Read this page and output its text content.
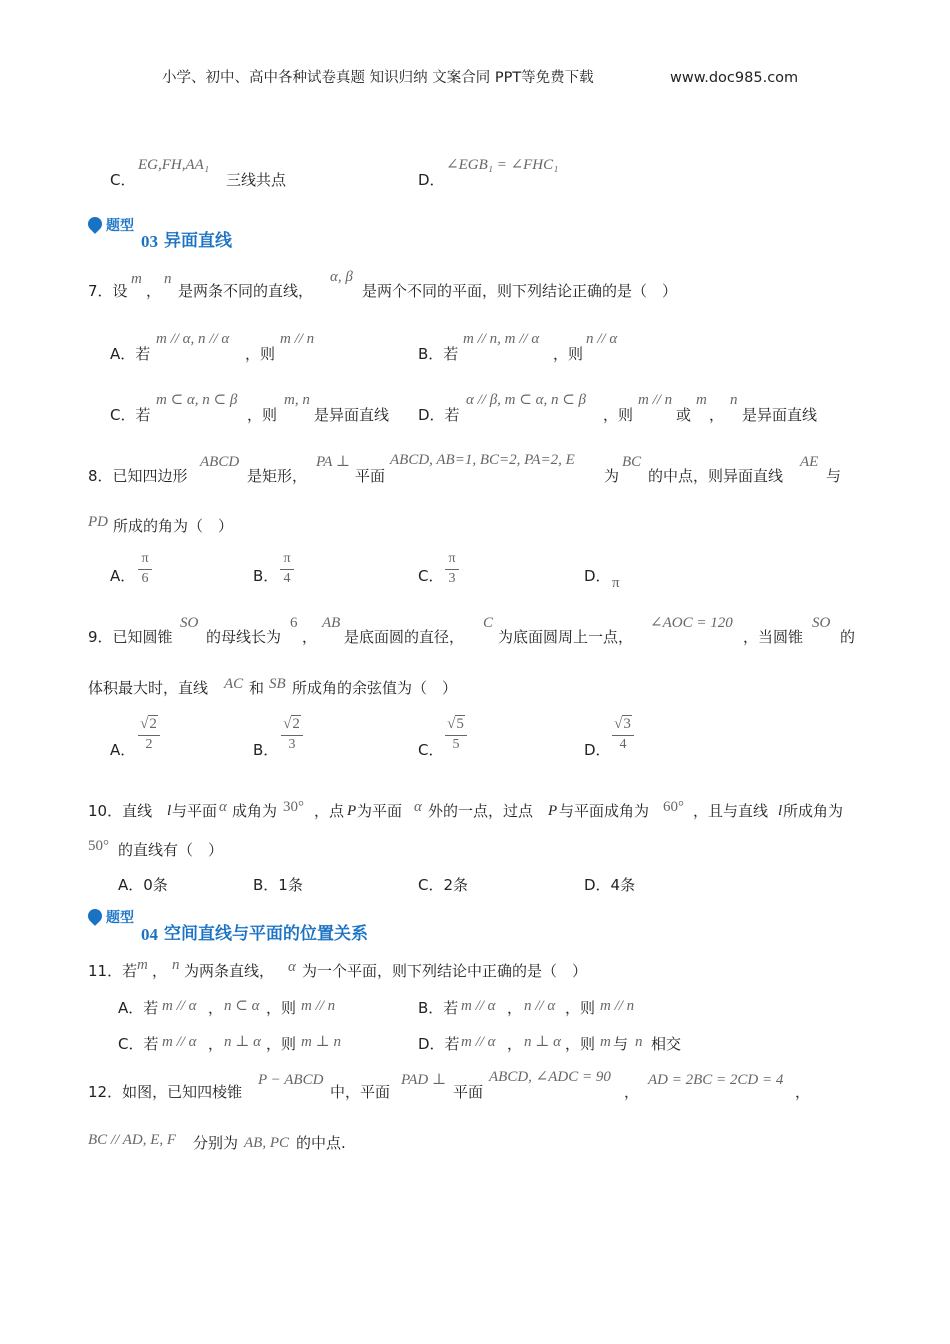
小学、初中、高中各种试卷真题 知识归纳 文案合同 PPT等免费下载	www.doc985.com
C．
EG,FH,AA₁
三线共点	D．
∠EGB₁ = ∠FHC₁
题型
03 异面直线
7．设
m
，
n
是两条不同的直线，
α, β
是两个不同的平面，则下列结论正确的是（　）
A．若
m // α, n // α
，则
m // n
B．若
m // n, m // α
，则
n // α
C．若
m ⊂ α, n ⊂ β
，则
m, n
是异面直线 D．若
α // β, m ⊂ α, n ⊂ β
，则
m // n
或
m
，
n
是异面直线
8．已知四边形
ABCD
是矩形，
PA ⊥
平面
ABCD, AB=1, BC=2, PA=2, E
为
BC
的中点，则异面直线
AE
与
PD 所成的角为（　）
A．
π
6	B．
π
4	C．
π
3	D． π
9．已知圆锥
SO
的母线长为
6
，
AB
是底面圆的直径，
C
为底面圆周上一点，
∠AOC = 120
，当圆锥
SO
的
体积最大时，直线 AC 和 SB 所成角的余弦值为（　）
A．
√2
2	B．
√2
3	C．
√5
5	D．
√3
4
10．直线 l 与平面 α 成角为 30° ，点 P 为平面 α 外的一点，过点 P 与平面成角为 60° ，且与直线 l 所成角为
50° 的直线有（　）
A．0条	B．1条	C．2条	D．4条
题型
04 空间直线与平面的位置关系
11．若 m ， n 为两条直线， α 为一个平面，则下列结论中正确的是（　）
A．若 m // α ， n ⊂ α ，则 m // n	B．若 m // α ， n // α ，则 m // n
C．若 m // α ， n ⊥ α ，则 m ⊥ n	D．若 m // α ， n ⊥ α ，则 m 与 n 相交
12．如图，已知四棱锥
P − ABCD
中，平面
PAD ⊥
平面
ABCD, ∠ADC = 90
，
AD = 2BC = 2CD = 4
，
BC // AD, E, F 分别为 AB, PC 的中点.
